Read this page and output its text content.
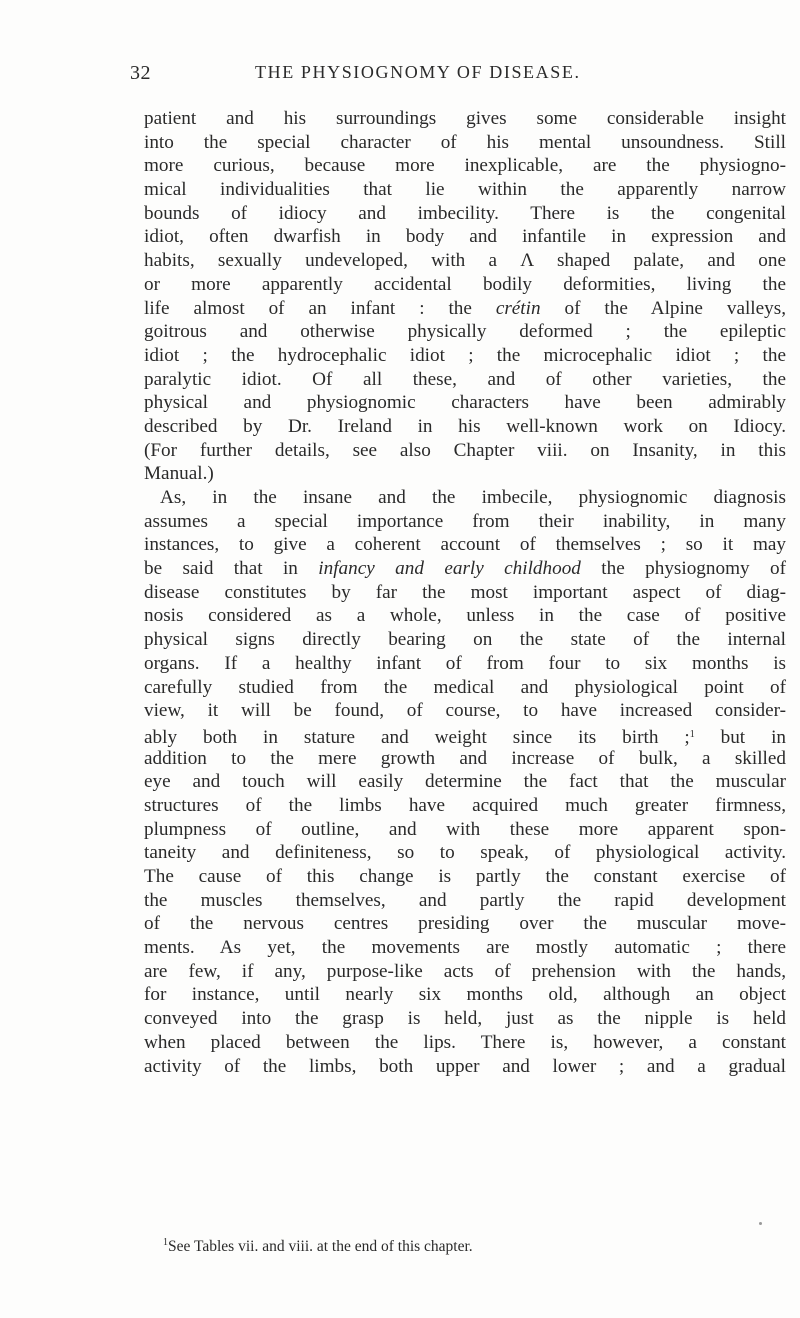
32	THE PHYSIOGNOMY OF DISEASE.
patient and his surroundings gives some considerable insight
into the special character of his mental unsoundness. Still
more curious, because more inexplicable, are the physiogno-
mical individualities that lie within the apparently narrow
bounds of idiocy and imbecility. There is the congenital
idiot, often dwarfish in body and infantile in expression and
habits, sexually undeveloped, with a Λ shaped palate, and one
or more apparently accidental bodily deformities, living the
life almost of an infant : the crétin of the Alpine valleys,
goitrous and otherwise physically deformed ; the epileptic
idiot ; the hydrocephalic idiot ; the microcephalic idiot ; the
paralytic idiot. Of all these, and of other varieties, the
physical and physiognomic characters have been admirably
described by Dr. Ireland in his well-known work on Idiocy.
(For further details, see also Chapter viii. on Insanity, in this
Manual.)
As, in the insane and the imbecile, physiognomic diagnosis
assumes a special importance from their inability, in many
instances, to give a coherent account of themselves ; so it may
be said that in infancy and early childhood the physiognomy of
disease constitutes by far the most important aspect of diag-
nosis considered as a whole, unless in the case of positive
physical signs directly bearing on the state of the internal
organs. If a healthy infant of from four to six months is
carefully studied from the medical and physiological point of
view, it will be found, of course, to have increased consider-
ably both in stature and weight since its birth ;$^1$ but in
addition to the mere growth and increase of bulk, a skilled
eye and touch will easily determine the fact that the muscular
structures of the limbs have acquired much greater firmness,
plumpness of outline, and with these more apparent spon-
taneity and definiteness, so to speak, of physiological activity.
The cause of this change is partly the constant exercise of
the muscles themselves, and partly the rapid development
of the nervous centres presiding over the muscular move-
ments. As yet, the movements are mostly automatic ; there
are few, if any, purpose-like acts of prehension with the hands,
for instance, until nearly six months old, although an object
conveyed into the grasp is held, just as the nipple is held
when placed between the lips. There is, however, a constant
activity of the limbs, both upper and lower ; and a gradual
$^1$See Tables vii. and viii. at the end of this chapter.
